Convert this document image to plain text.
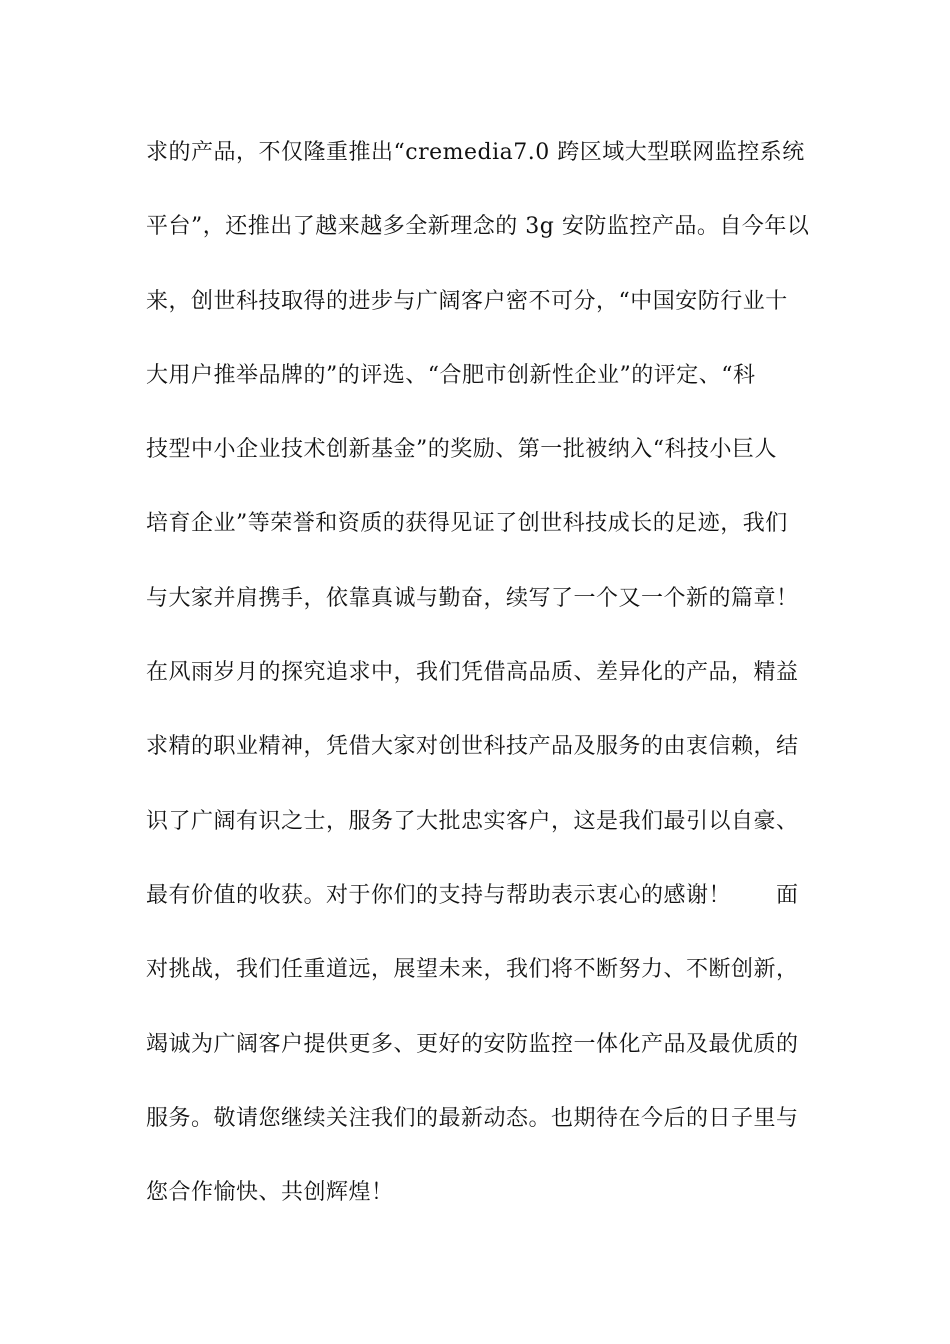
求的产品，不仅隆重推出“cremedia7.0 跨区域大型联网监控系统
平台”，还推出了越来越多全新理念的 3g 安防监控产品。自今年以
来，创世科技取得的进步与广阔客户密不可分，“中国安防行业十
大用户推举品牌的”的评选、“合肥市创新性企业”的评定、“科
技型中小企业技术创新基金”的奖励、第一批被纳入“科技小巨人
培育企业”等荣誉和资质的获得见证了创世科技成长的足迹，我们
与大家并肩携手，依靠真诚与勤奋，续写了一个又一个新的篇章！
在风雨岁月的探究追求中，我们凭借高品质、差异化的产品，精益
求精的职业精神，凭借大家对创世科技产品及服务的由衷信赖，结
识了广阔有识之士，服务了大批忠实客户，这是我们最引以自豪、
最有价值的收获。对于你们的支持与帮助表示衷心的感谢！      面
对挑战，我们任重道远，展望未来，我们将不断努力、不断创新，
竭诚为广阔客户提供更多、更好的安防监控一体化产品及最优质的
服务。敬请您继续关注我们的最新动态。也期待在今后的日子里与
您合作愉快、共创辉煌！
